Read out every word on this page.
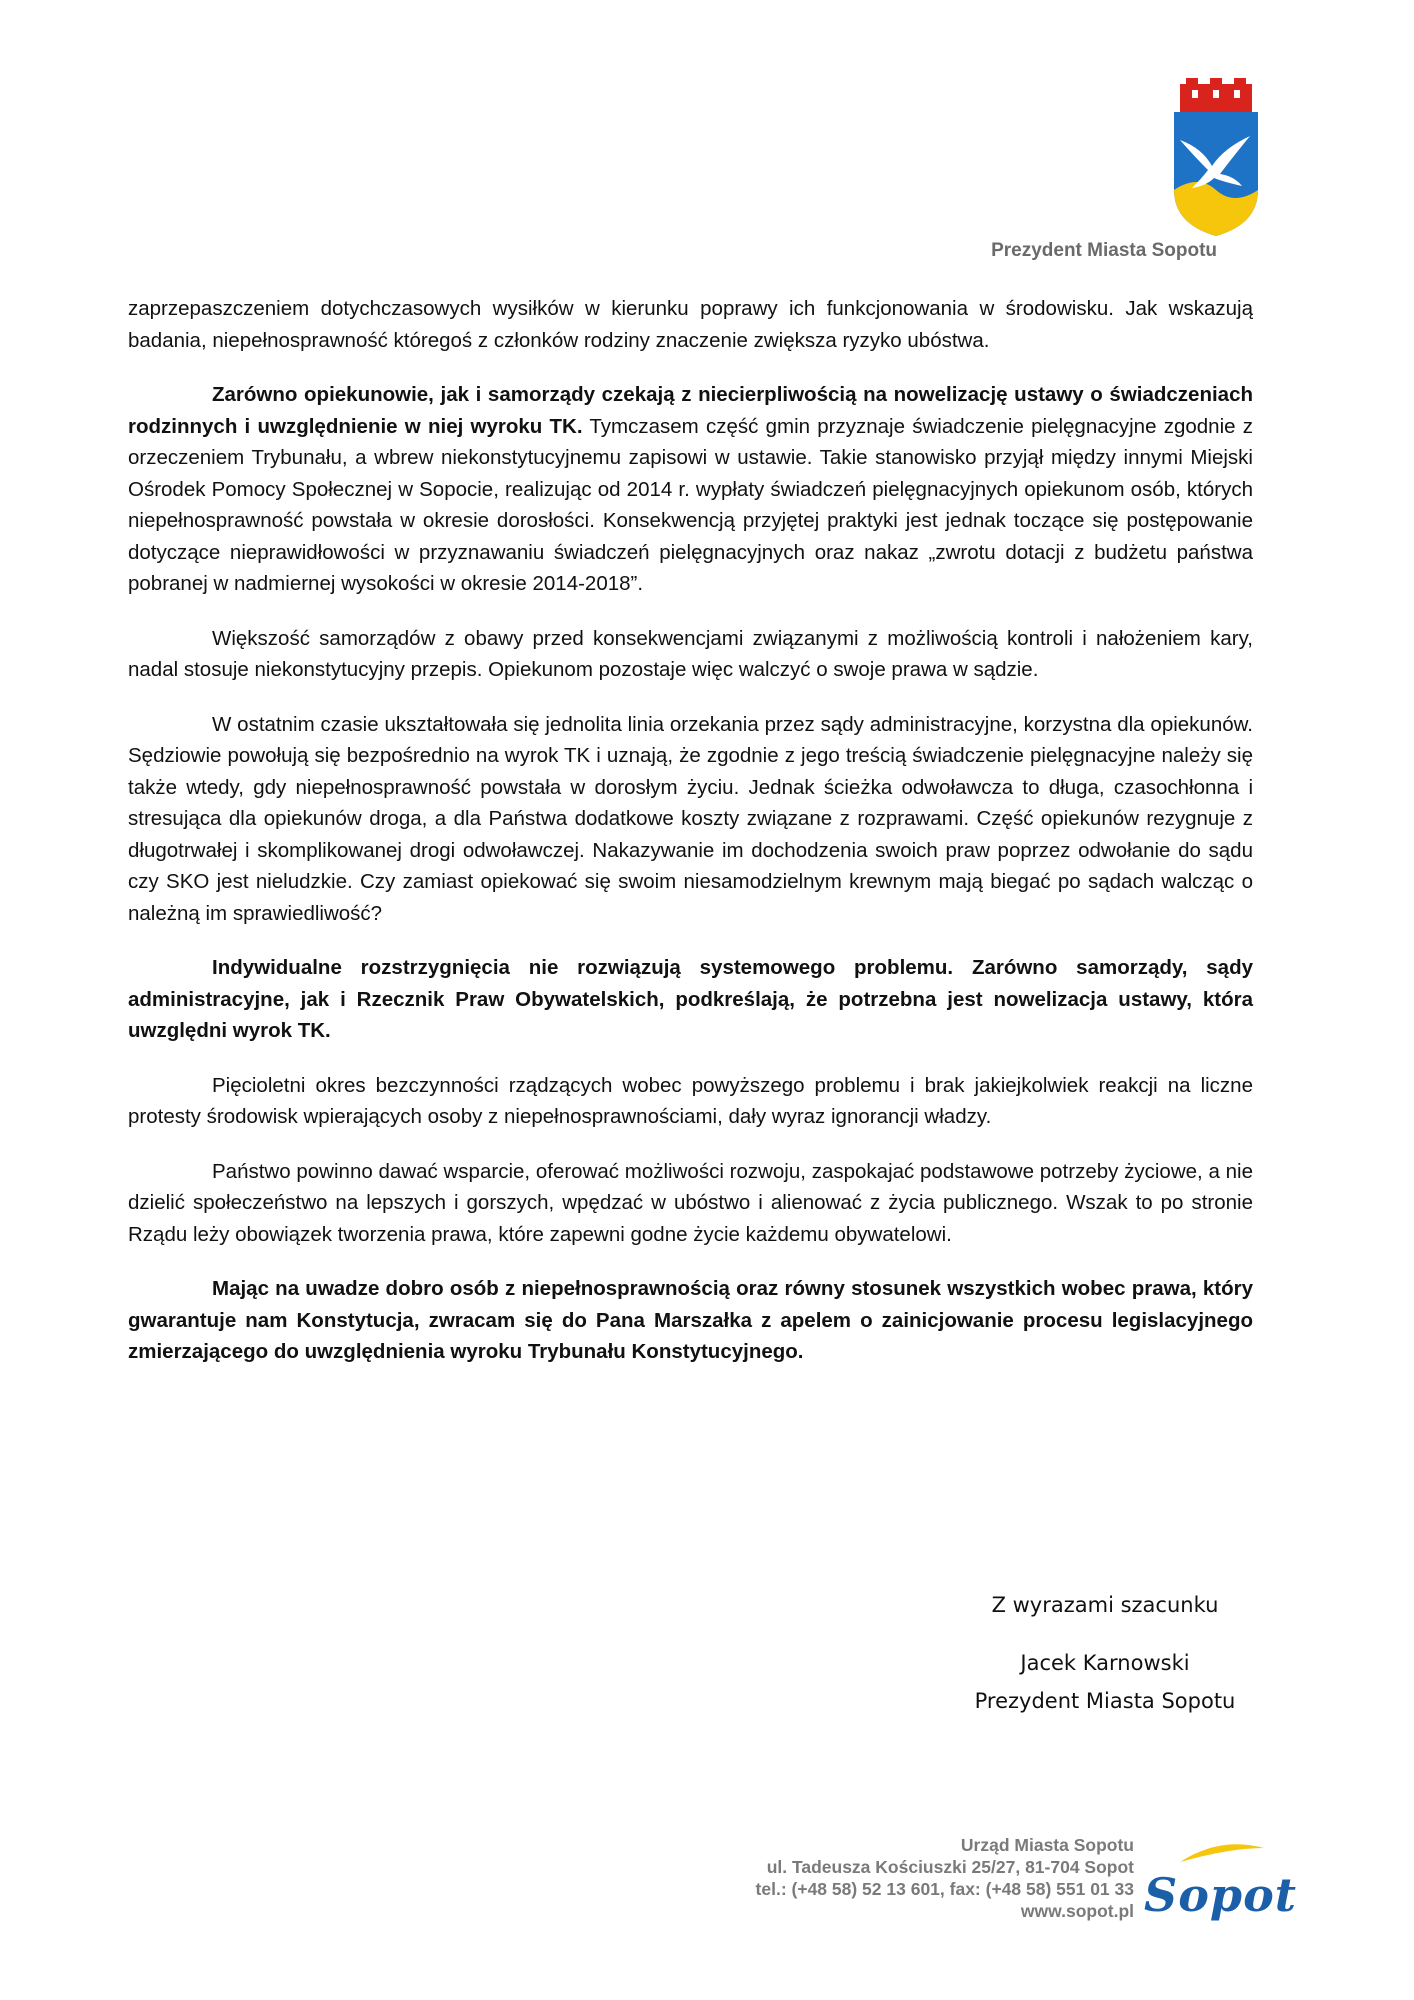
Prezydent Miasta Sopotu

zaprzepaszczeniem dotychczasowych wysiłków w kierunku poprawy ich funkcjonowania w środowisku. Jak wskazują badania, niepełnosprawność któregoś z członków rodziny znaczenie zwiększa ryzyko ubóstwa.

Zarówno opiekunowie, jak i samorządy czekają z niecierpliwością na nowelizację ustawy o świadczeniach rodzinnych i uwzględnienie w niej wyroku TK. Tymczasem część gmin przyznaje świadczenie pielęgnacyjne zgodnie z orzeczeniem Trybunału, a wbrew niekonstytucyjnemu zapisowi w ustawie. Takie stanowisko przyjął między innymi Miejski Ośrodek Pomocy Społecznej w Sopocie, realizując od 2014 r. wypłaty świadczeń pielęgnacyjnych opiekunom osób, których niepełnosprawność powstała w okresie dorosłości. Konsekwencją przyjętej praktyki jest jednak toczące się postępowanie dotyczące nieprawidłowości w przyznawaniu świadczeń pielęgnacyjnych oraz nakaz „zwrotu dotacji z budżetu państwa pobranej w nadmiernej wysokości w okresie 2014-2018”.

Większość samorządów z obawy przed konsekwencjami związanymi z możliwością kontroli i nałożeniem kary, nadal stosuje niekonstytucyjny przepis. Opiekunom pozostaje więc walczyć o swoje prawa w sądzie.

W ostatnim czasie ukształtowała się jednolita linia orzekania przez sądy administracyjne, korzystna dla opiekunów. Sędziowie powołują się bezpośrednio na wyrok TK i uznają, że zgodnie z jego treścią świadczenie pielęgnacyjne należy się także wtedy, gdy niepełnosprawność powstała w dorosłym życiu. Jednak ścieżka odwoławcza to długa, czasochłonna i stresująca dla opiekunów droga, a dla Państwa dodatkowe koszty związane z rozprawami. Część opiekunów rezygnuje z długotrwałej i skomplikowanej drogi odwoławczej. Nakazywanie im dochodzenia swoich praw poprzez odwołanie do sądu czy SKO jest nieludzkie. Czy zamiast opiekować się swoim niesamodzielnym krewnym mają biegać po sądach walcząc o należną im sprawiedliwość?

Indywidualne rozstrzygnięcia nie rozwiązują systemowego problemu. Zarówno samorządy, sądy administracyjne, jak i Rzecznik Praw Obywatelskich, podkreślają, że potrzebna jest nowelizacja ustawy, która uwzględni wyrok TK.

Pięcioletni okres bezczynności rządzących wobec powyższego problemu i brak jakiejkolwiek reakcji na liczne protesty środowisk wpierających osoby z niepełnosprawnościami, dały wyraz ignorancji władzy.

Państwo powinno dawać wsparcie, oferować możliwości rozwoju, zaspokajać podstawowe potrzeby życiowe, a nie dzielić społeczeństwo na lepszych i gorszych, wpędzać w ubóstwo i alienować z życia publicznego. Wszak to po stronie Rządu leży obowiązek tworzenia prawa, które zapewni godne życie każdemu obywatelowi.

Mając na uwadze dobro osób z niepełnosprawnością oraz równy stosunek wszystkich wobec prawa, który gwarantuje nam Konstytucja, zwracam się do Pana Marszałka z apelem o zainicjowanie procesu legislacyjnego zmierzającego do uwzględnienia wyroku Trybunału Konstytucyjnego.

Z wyrazami szacunku
Jacek Karnowski
Prezydent Miasta Sopotu
Urząd Miasta Sopotu
ul. Tadeusza Kościuszki 25/27, 81-704 Sopot
tel.: (+48 58) 52 13 601, fax: (+48 58) 551 01 33
www.sopot.pl Sopot
